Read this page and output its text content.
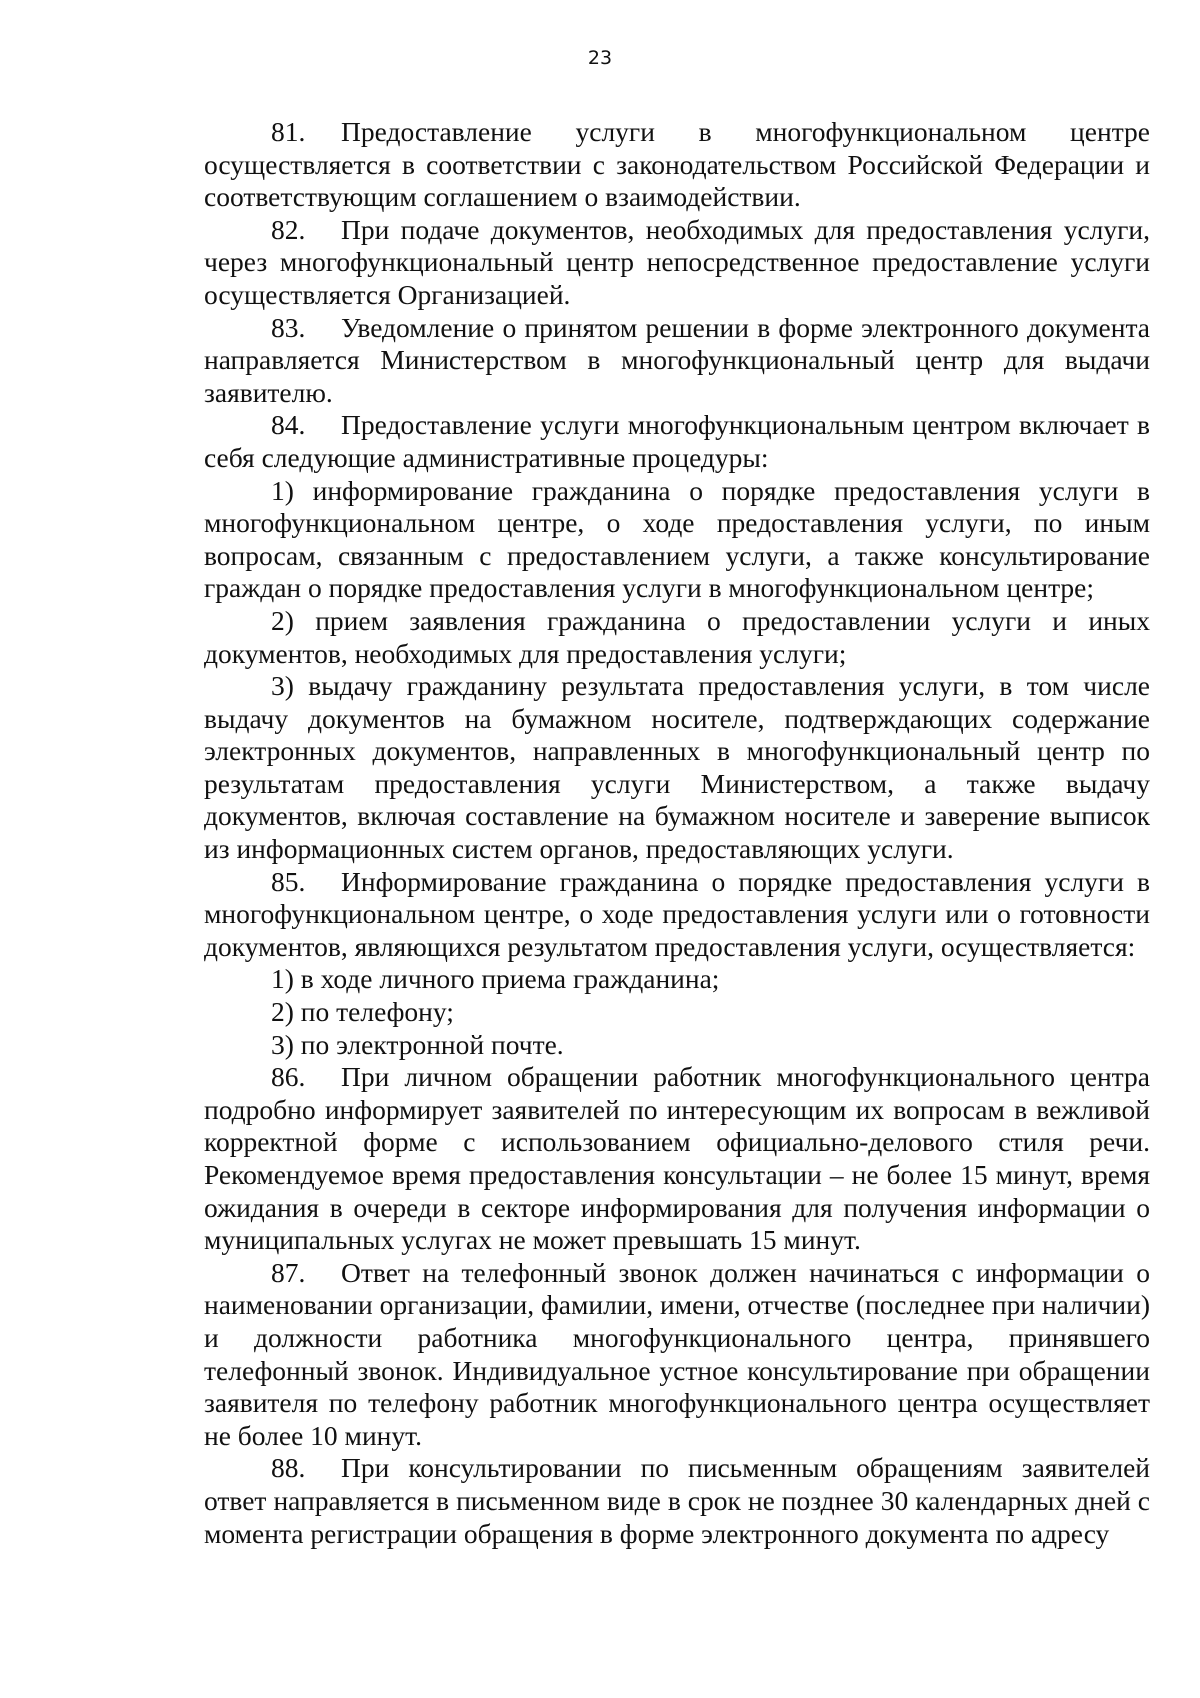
23

81. Предоставление услуги в многофункциональном центре осуществляется в соответствии с законодательством Российской Федерации и соответствующим соглашением о взаимодействии.

82. При подаче документов, необходимых для предоставления услуги, через многофункциональный центр непосредственное предоставление услуги осуществляется Организацией.

83. Уведомление о принятом решении в форме электронного документа направляется Министерством в многофункциональный центр для выдачи заявителю.

84. Предоставление услуги многофункциональным центром включает в себя следующие административные процедуры:

1) информирование гражданина о порядке предоставления услуги в многофункциональном центре, о ходе предоставления услуги, по иным вопросам, связанным с предоставлением услуги, а также консультирование граждан о порядке предоставления услуги в многофункциональном центре;

2) прием заявления гражданина о предоставлении услуги и иных документов, необходимых для предоставления услуги;

3) выдачу гражданину результата предоставления услуги, в том числе выдачу документов на бумажном носителе, подтверждающих содержание электронных документов, направленных в многофункциональный центр по результатам предоставления услуги Министерством, а также выдачу документов, включая составление на бумажном носителе и заверение выписок из информационных систем органов, предоставляющих услуги.

85. Информирование гражданина о порядке предоставления услуги в многофункциональном центре, о ходе предоставления услуги или о готовности документов, являющихся результатом предоставления услуги, осуществляется:

1) в ходе личного приема гражданина;

2) по телефону;

3) по электронной почте.

86. При личном обращении работник многофункционального центра подробно информирует заявителей по интересующим их вопросам в вежливой корректной форме с использованием официально-делового стиля речи. Рекомендуемое время предоставления консультации – не более 15 минут, время ожидания в очереди в секторе информирования для получения информации о муниципальных услугах не может превышать 15 минут.

87. Ответ на телефонный звонок должен начинаться с информации о наименовании организации, фамилии, имени, отчестве (последнее при наличии) и должности работника многофункционального центра, принявшего телефонный звонок. Индивидуальное устное консультирование при обращении заявителя по телефону работник многофункционального центра осуществляет не более 10 минут.

88. При консультировании по письменным обращениям заявителей ответ направляется в письменном виде в срок не позднее 30 календарных дней с момента регистрации обращения в форме электронного документа по адресу
